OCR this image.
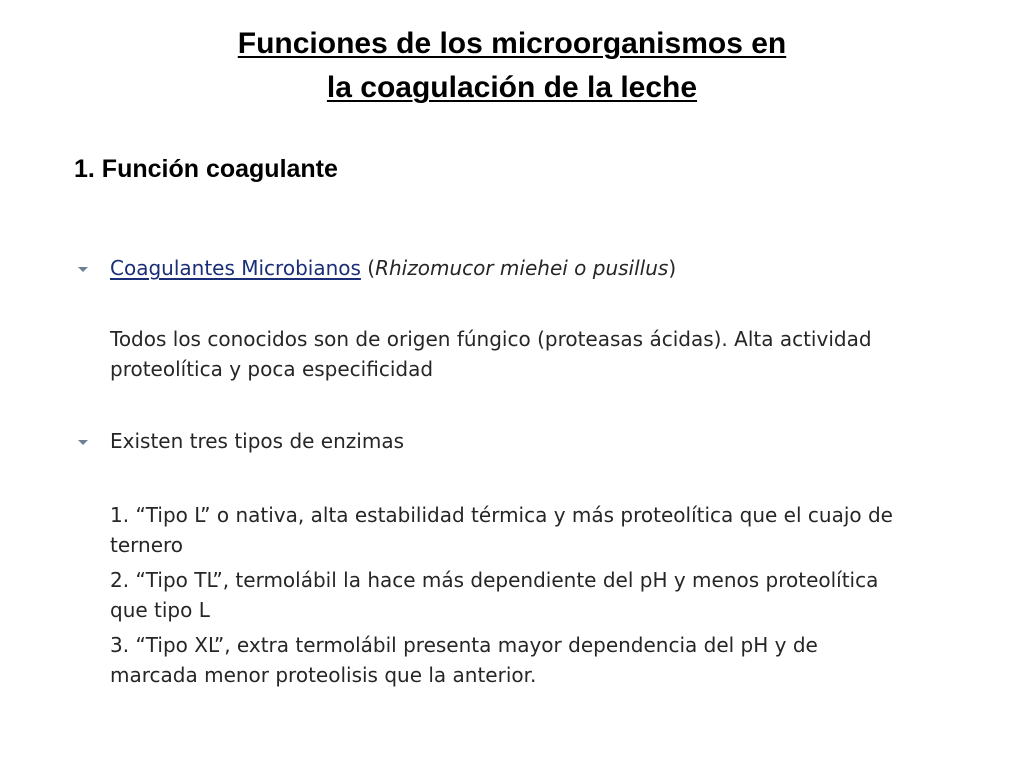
Funciones de los microorganismos en
la coagulación de la leche
1. Función coagulante
Coagulantes Microbianos (Rhizomucor miehei o pusillus)
Todos los conocidos son de origen fúngico (proteasas ácidas). Alta actividad proteolítica y poca especificidad
Existen tres tipos de enzimas
1. “Tipo L” o nativa, alta estabilidad térmica y más proteolítica que el cuajo de ternero
2. “Tipo TL”, termolábil la hace más dependiente del pH y menos proteolítica que tipo L
3. “Tipo XL”, extra termolábil presenta mayor dependencia del pH y de marcada menor proteolisis que la anterior.
